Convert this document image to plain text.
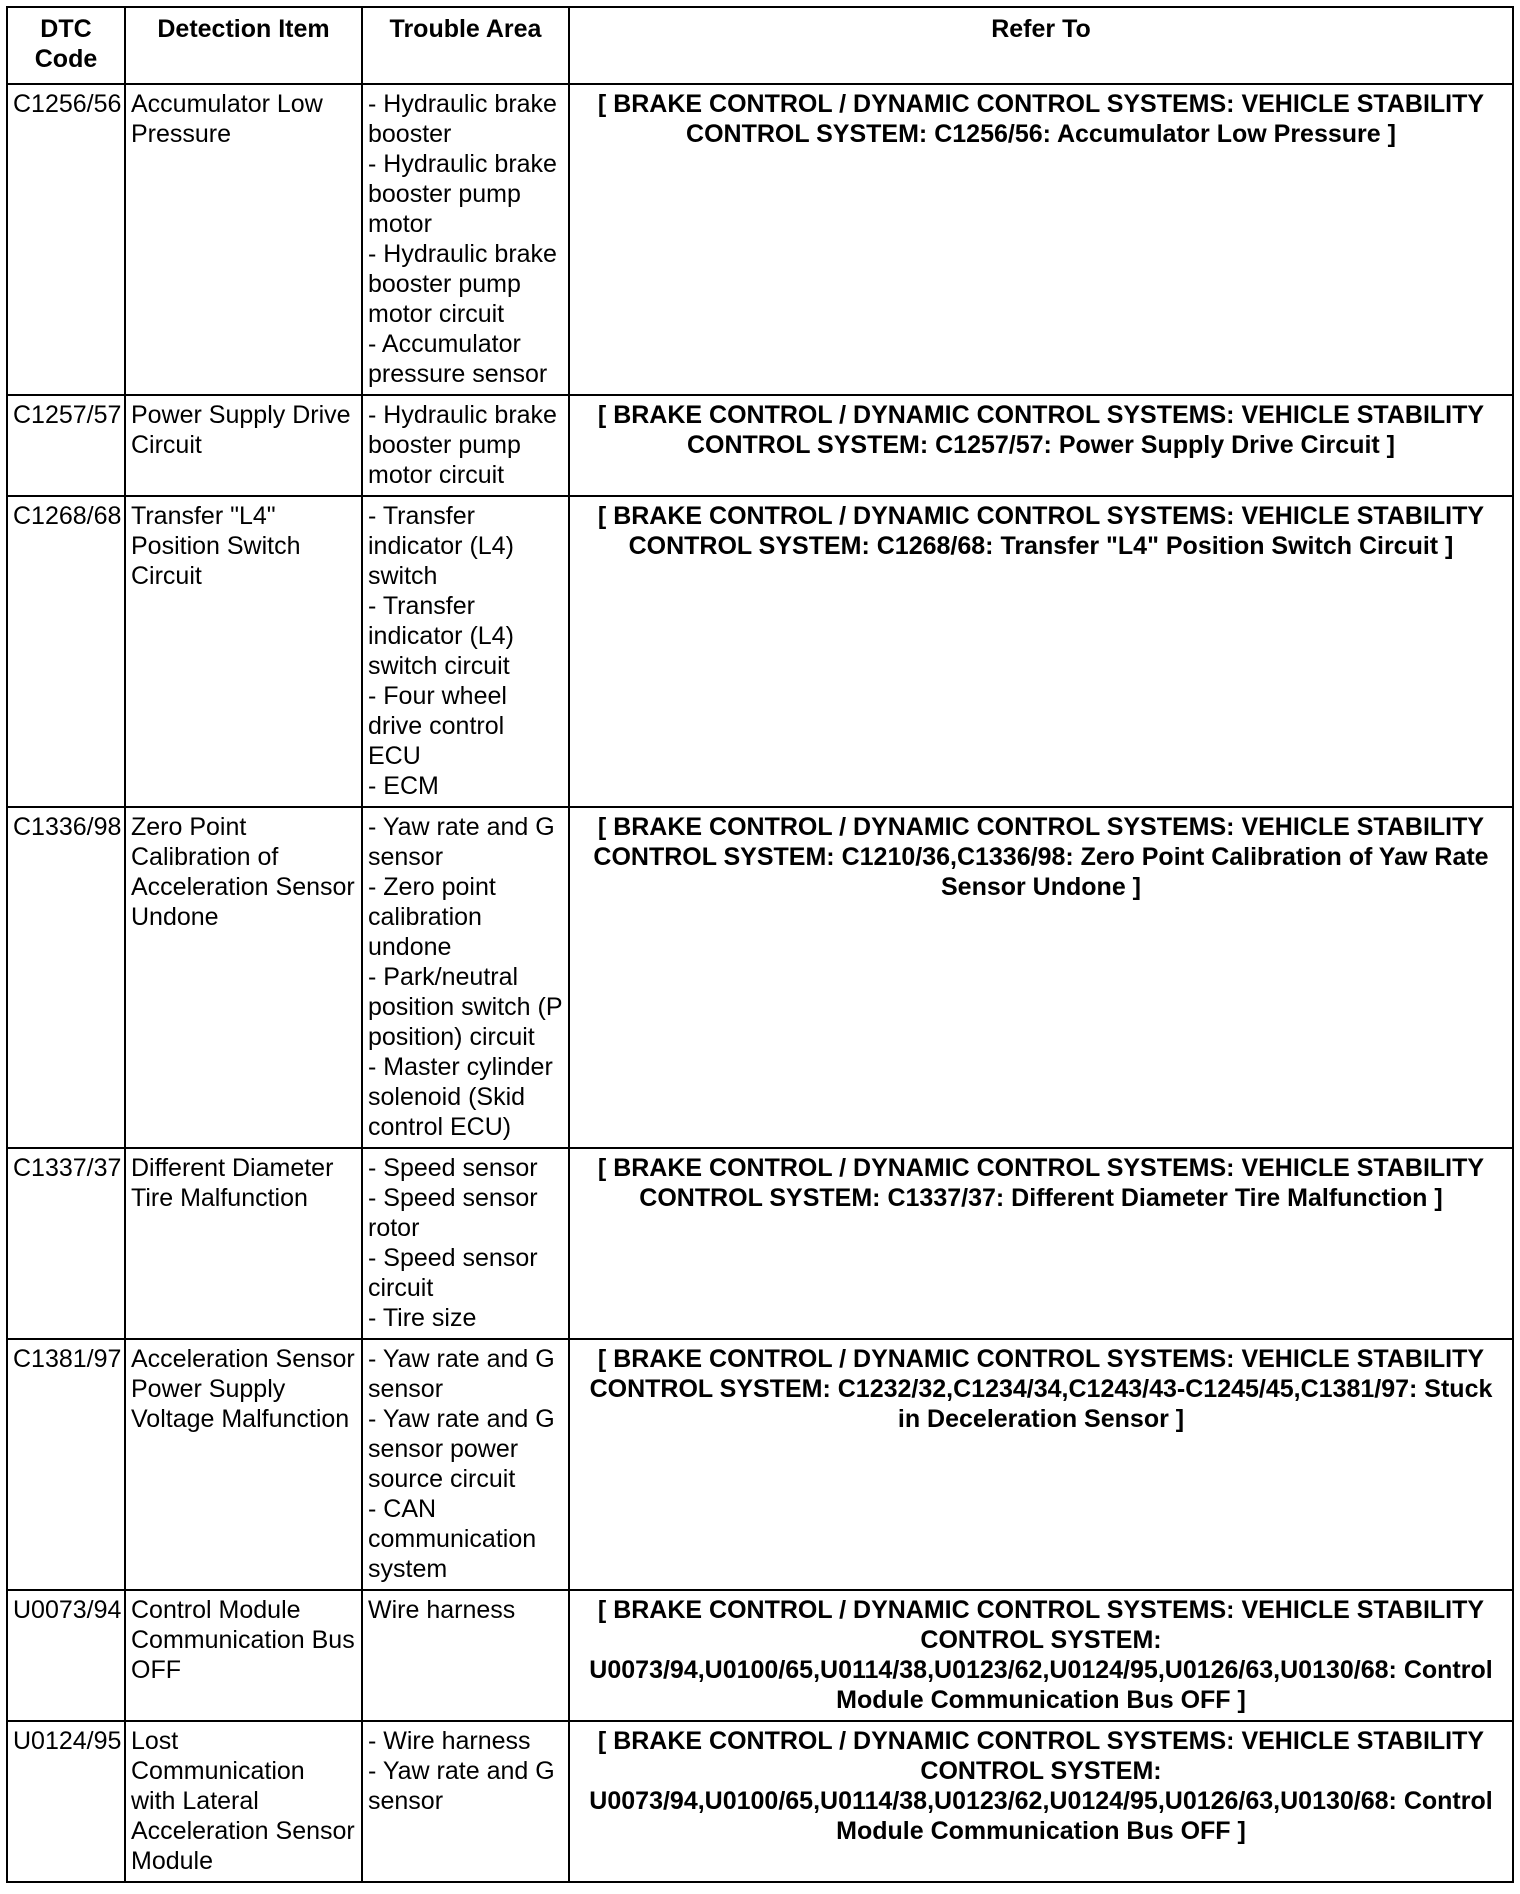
DTC Code	Detection Item	Trouble Area	Refer To
C1256/56	Accumulator Low Pressure	- Hydraulic brake booster
- Hydraulic brake booster pump motor
- Hydraulic brake booster pump motor circuit
- Accumulator pressure sensor	[ BRAKE CONTROL / DYNAMIC CONTROL SYSTEMS: VEHICLE STABILITY CONTROL SYSTEM: C1256/56: Accumulator Low Pressure ]
C1257/57	Power Supply Drive Circuit	- Hydraulic brake booster pump motor circuit	[ BRAKE CONTROL / DYNAMIC CONTROL SYSTEMS: VEHICLE STABILITY CONTROL SYSTEM: C1257/57: Power Supply Drive Circuit ]
C1268/68	Transfer "L4" Position Switch Circuit	- Transfer indicator (L4) switch
- Transfer indicator (L4) switch circuit
- Four wheel drive control ECU
- ECM	[ BRAKE CONTROL / DYNAMIC CONTROL SYSTEMS: VEHICLE STABILITY CONTROL SYSTEM: C1268/68: Transfer "L4" Position Switch Circuit ]
C1336/98	Zero Point Calibration of Acceleration Sensor Undone	- Yaw rate and G sensor
- Zero point calibration undone
- Park/neutral position switch (P position) circuit
- Master cylinder solenoid (Skid control ECU)	[ BRAKE CONTROL / DYNAMIC CONTROL SYSTEMS: VEHICLE STABILITY CONTROL SYSTEM: C1210/36,C1336/98: Zero Point Calibration of Yaw Rate Sensor Undone ]
C1337/37	Different Diameter Tire Malfunction	- Speed sensor
- Speed sensor rotor
- Speed sensor circuit
- Tire size	[ BRAKE CONTROL / DYNAMIC CONTROL SYSTEMS: VEHICLE STABILITY CONTROL SYSTEM: C1337/37: Different Diameter Tire Malfunction ]
C1381/97	Acceleration Sensor Power Supply Voltage Malfunction	- Yaw rate and G sensor
- Yaw rate and G sensor power source circuit
- CAN communication system	[ BRAKE CONTROL / DYNAMIC CONTROL SYSTEMS: VEHICLE STABILITY CONTROL SYSTEM: C1232/32,C1234/34,C1243/43-C1245/45,C1381/97: Stuck in Deceleration Sensor ]
U0073/94	Control Module Communication Bus OFF	Wire harness	[ BRAKE CONTROL / DYNAMIC CONTROL SYSTEMS: VEHICLE STABILITY CONTROL SYSTEM: U0073/94,U0100/65,U0114/38,U0123/62,U0124/95,U0126/63,U0130/68: Control Module Communication Bus OFF ]
U0124/95	Lost Communication with Lateral Acceleration Sensor Module	- Wire harness
- Yaw rate and G sensor	[ BRAKE CONTROL / DYNAMIC CONTROL SYSTEMS: VEHICLE STABILITY CONTROL SYSTEM: U0073/94,U0100/65,U0114/38,U0123/62,U0124/95,U0126/63,U0130/68: Control Module Communication Bus OFF ]
